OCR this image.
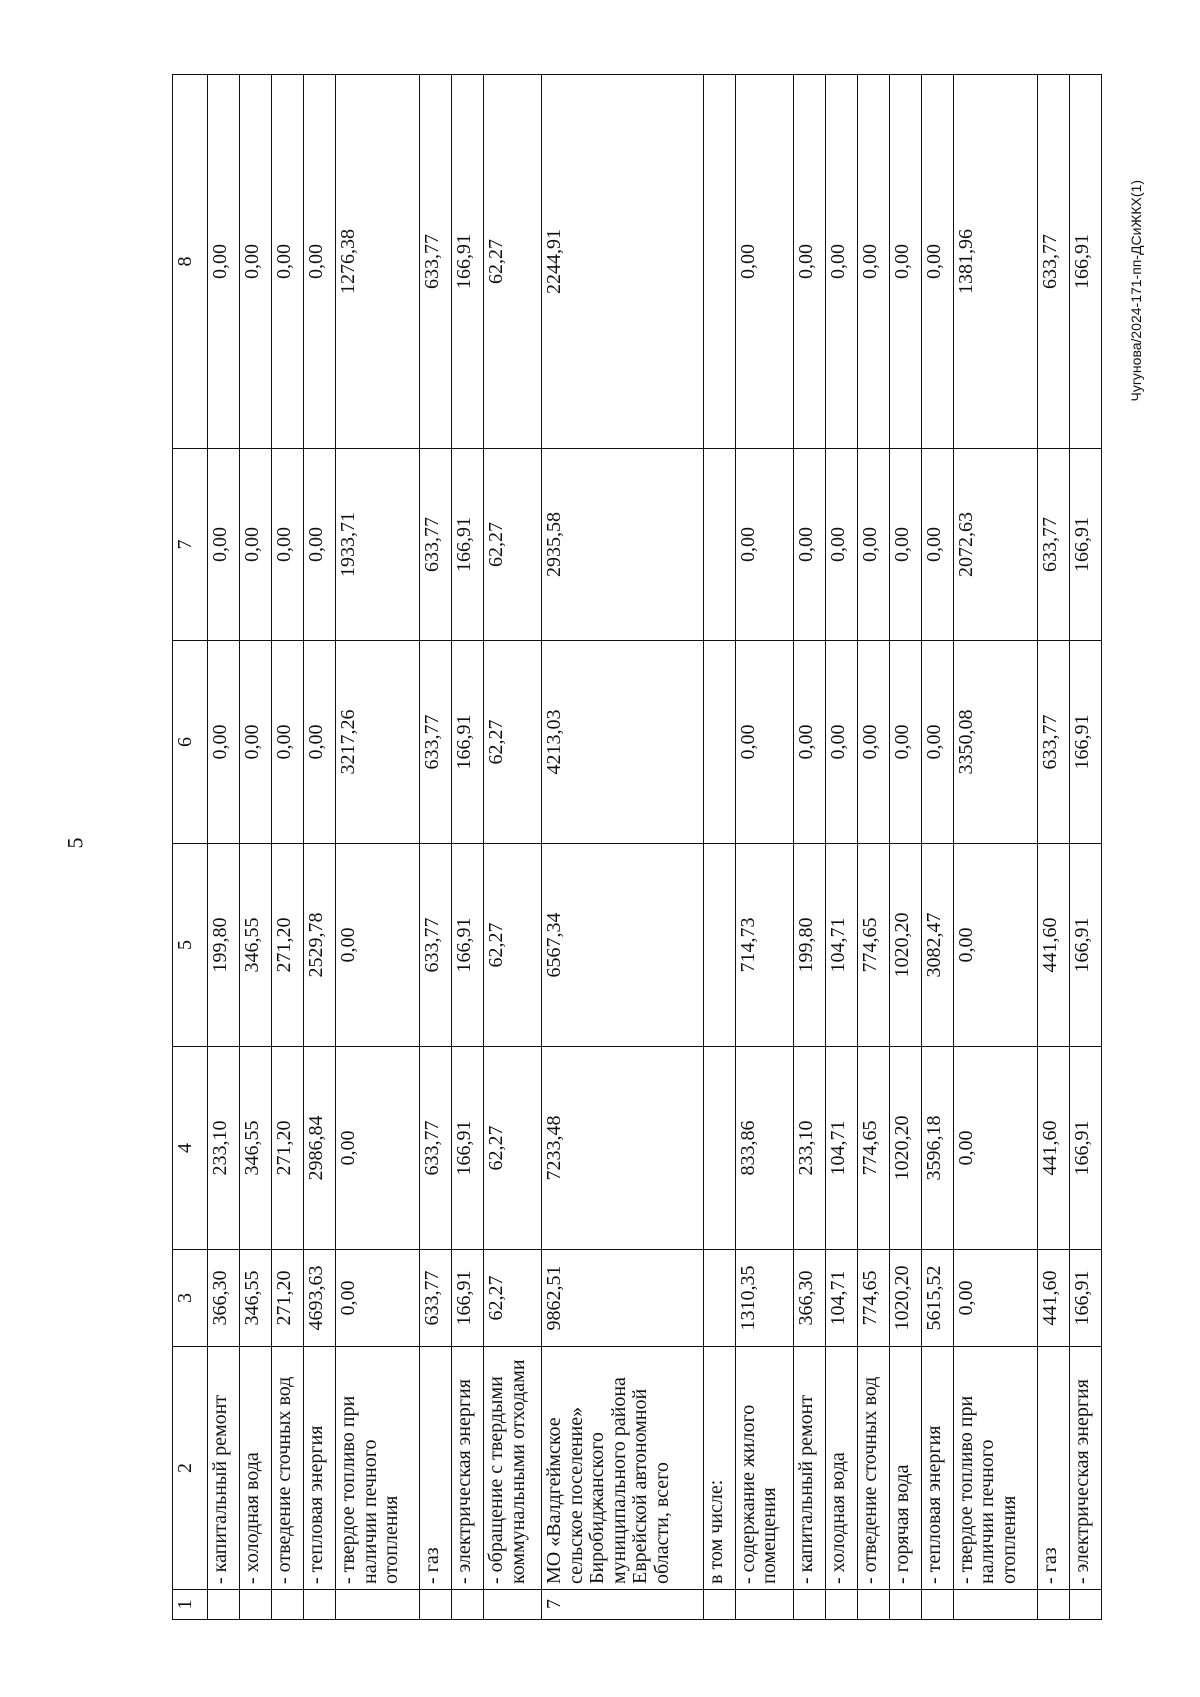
5
Чугунова/2024-171-пп-ДСиЖКХ(1)
1	2	3	4	5	6	7	8
	- капитальный ремонт	366,30	233,10	199,80	0,00	0,00	0,00
	- холодная вода	346,55	346,55	346,55	0,00	0,00	0,00
	- отведение сточных вод	271,20	271,20	271,20	0,00	0,00	0,00
	- тепловая энергия	4693,63	2986,84	2529,78	0,00	0,00	0,00
	- твердое топливо при наличии печного отопления	0,00	0,00	0,00	3217,26	1933,71	1276,38
	- газ	633,77	633,77	633,77	633,77	633,77	633,77
	- электрическая энергия	166,91	166,91	166,91	166,91	166,91	166,91
	- обращение с твердыми коммунальными отходами	62,27	62,27	62,27	62,27	62,27	62,27
7	МО «Валдгеймское сельское поселение» Биробиджанского муниципального района Еврейской автономной области, всего	9862,51	7233,48	6567,34	4213,03	2935,58	2244,91
	в том числе:						
	- содержание жилого помещения	1310,35	833,86	714,73	0,00	0,00	0,00
	- капитальный ремонт	366,30	233,10	199,80	0,00	0,00	0,00
	- холодная вода	104,71	104,71	104,71	0,00	0,00	0,00
	- отведение сточных вод	774,65	774,65	774,65	0,00	0,00	0,00
	- горячая вода	1020,20	1020,20	1020,20	0,00	0,00	0,00
	- тепловая энергия	5615,52	3596,18	3082,47	0,00	0,00	0,00
	- твердое топливо при наличии печного отопления	0,00	0,00	0,00	3350,08	2072,63	1381,96
	- газ	441,60	441,60	441,60	633,77	633,77	633,77
	- электрическая энергия	166,91	166,91	166,91	166,91	166,91	166,91
